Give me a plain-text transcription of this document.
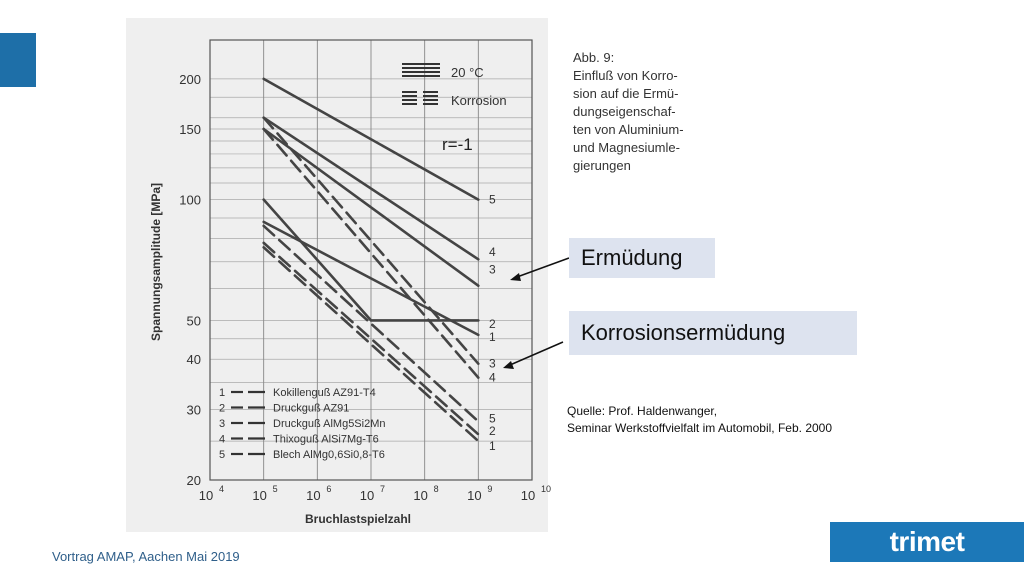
5
4
3
2
1
3
4
5
2
1
200
150
100
50
40
30
20
10 4 10 5 10 6 10 7 10 8 10 9 10 10
Bruchlastspielzahl
Spannungsamplitude [MPa]
20 °C
Korrosion
r=-1
Abb. 9: Einfluß von Korro-sion auf die Ermü-dungseigenschaf-ten von Aluminium-und Magnesiumle-gierungen
1	Kokillenguß AZ91-T4
2	Druckguß AZ91
3	Druckguß AlMg5Si2Mn
4	Thixoguß AlSi7Mg-T6
5	Blech AlMg0,6Si0,8-T6
Ermüdung
Korrosionsermüdung
Quelle: Prof. Haldenwanger,
Seminar Werkstoffvielfalt im Automobil, Feb. 2000
Vortrag AMAP, Aachen Mai 2019	trimet
